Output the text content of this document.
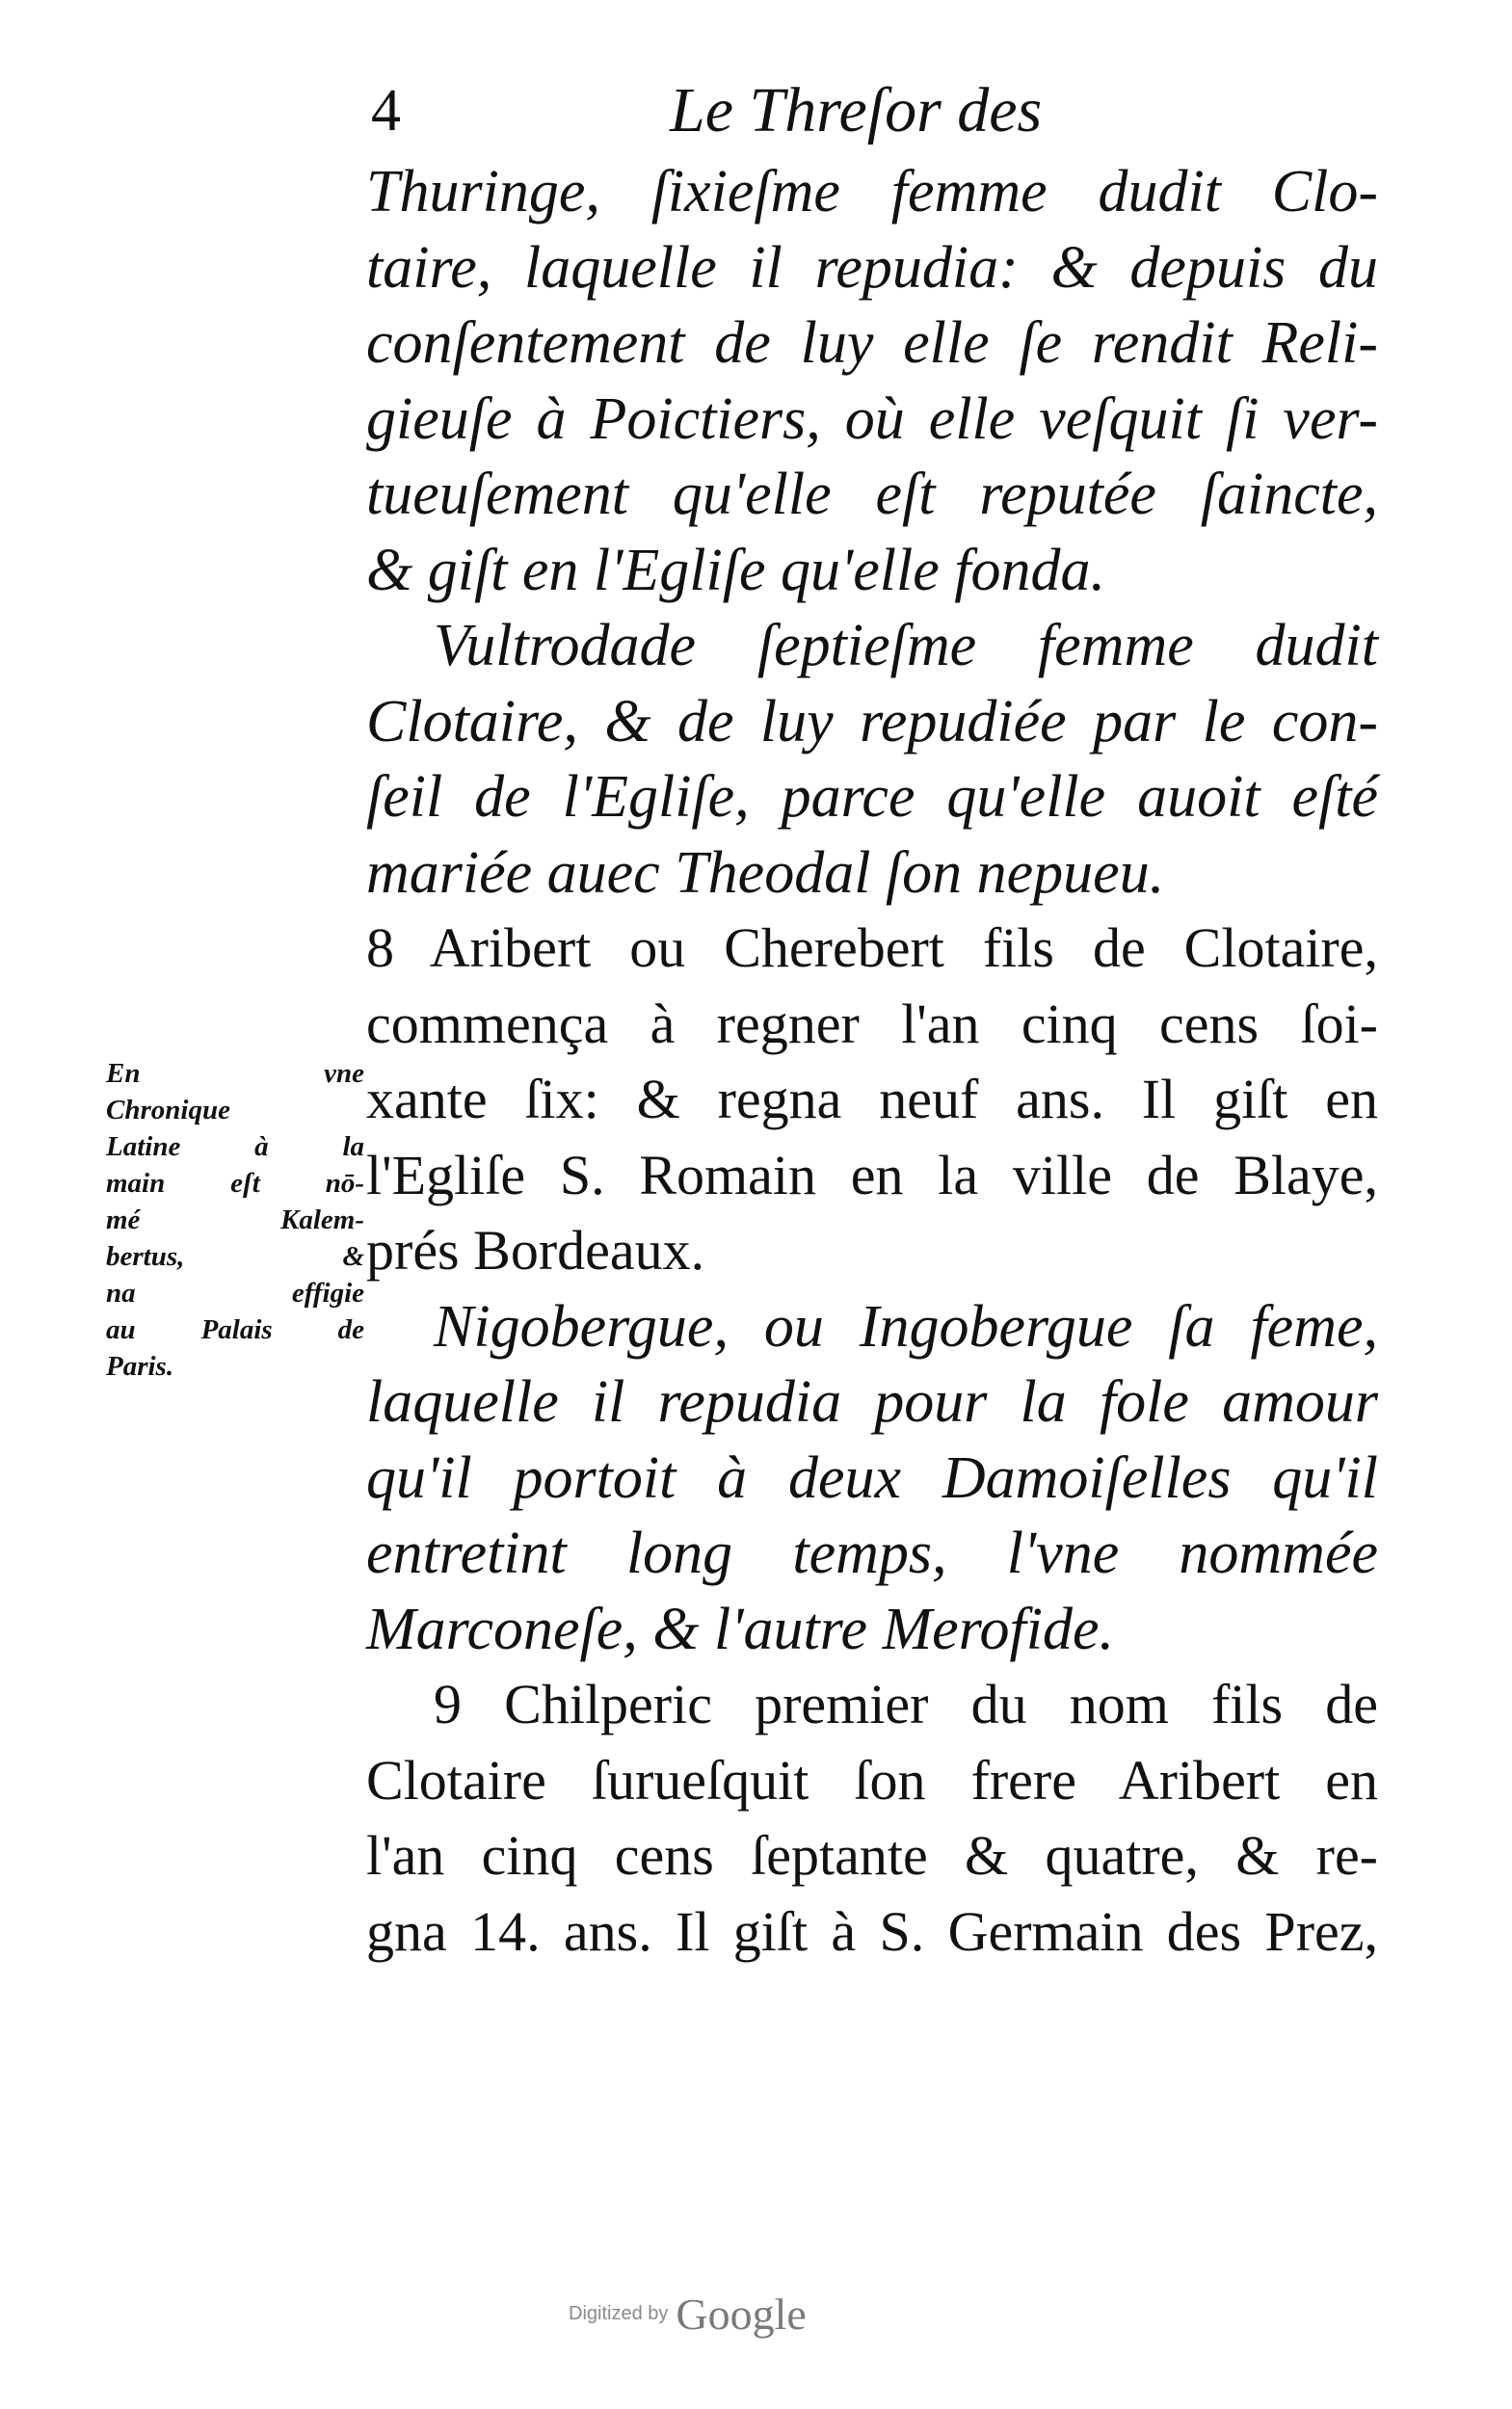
4	Le Threſor des
Thuringe, ſixieſme femme dudit Clo-
taire, laquelle il repudia: & depuis du
conſentement de luy elle ſe rendit Reli-
gieuſe à Poictiers, où elle veſquit ſi ver-
tueuſement qu'elle eſt reputée ſaincte,
& giſt en l'Egliſe qu'elle fonda.
Vultrodade ſeptieſme femme dudit
Clotaire, & de luy repudiée par le con-
ſeil de l'Egliſe, parce qu'elle auoit eſté
mariée auec Theodal ſon nepueu.
8 Aribert ou Cherebert fils de Clotaire,
commença à regner l'an cinq cens ſoi-
xante ſix: & regna neuf ans. Il giſt en
l'Egliſe S. Romain en la ville de Blaye,
prés Bordeaux.
Nigobergue, ou Ingobergue ſa feme,
laquelle il repudia pour la fole amour
qu'il portoit à deux Damoiſelles qu'il
entretint long temps, l'vne nommée
Marconeſe, & l'autre Merofide.
9 Chilperic premier du nom fils de
Clotaire ſurueſquit ſon frere Aribert en
l'an cinq cens ſeptante & quatre, & re-
gna 14. ans. Il giſt à S. Germain des Prez,
En vne
Chronique
Latine à la
main eſt nō-
mé Kalem-
bertus, &
na effigie
au Palais de
Paris.
Digitized by Google
